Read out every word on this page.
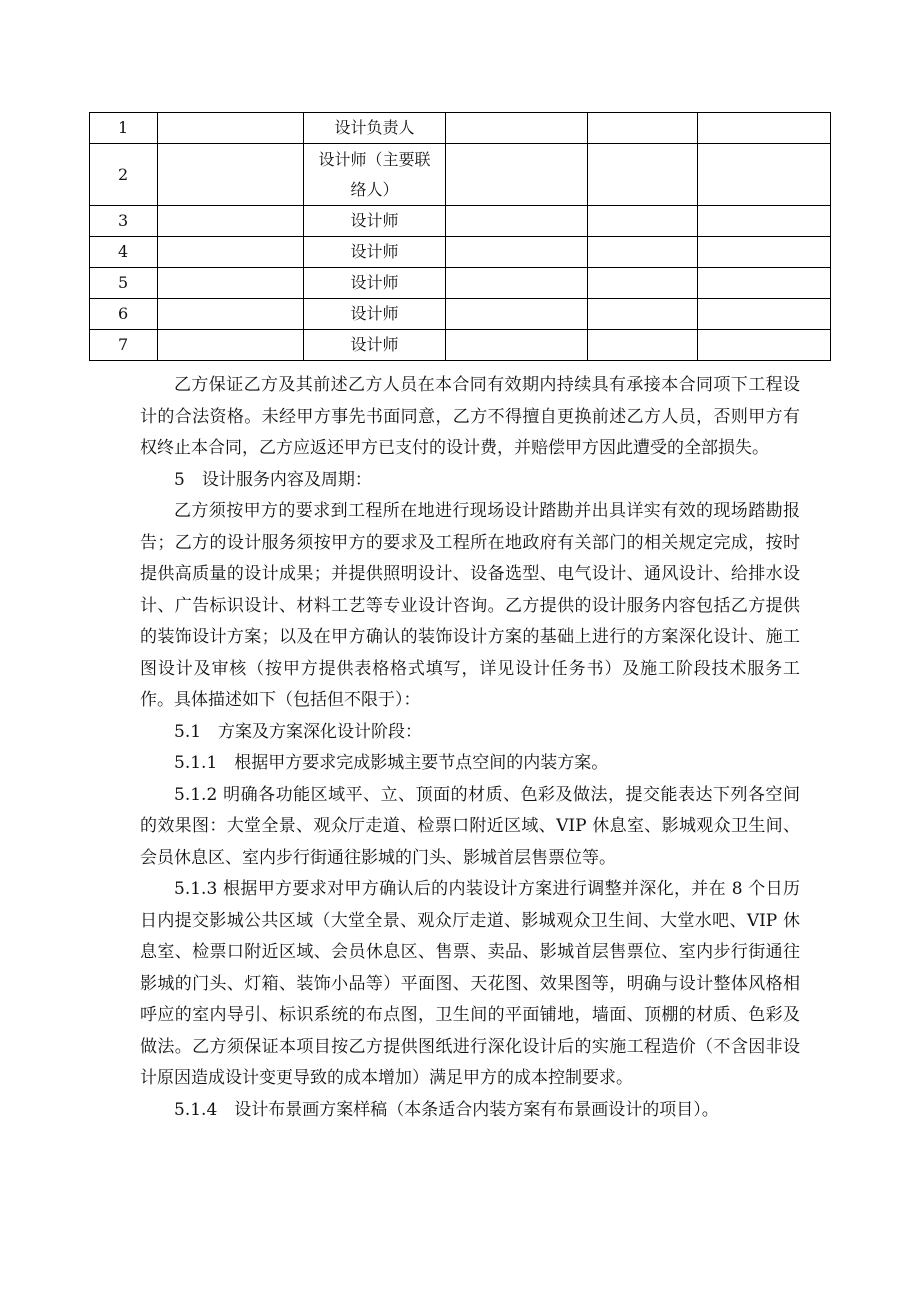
1		设计负责人			
2		设计师（主要联络人）			
3		设计师			
4		设计师			
5		设计师			
6		设计师			
7		设计师			

乙方保证乙方及其前述乙方人员在本合同有效期内持续具有承接本合同项下工程设计的合法资格。未经甲方事先书面同意，乙方不得擅自更换前述乙方人员，否则甲方有权终止本合同，乙方应返还甲方已支付的设计费，并赔偿甲方因此遭受的全部损失。

5　设计服务内容及周期：

乙方须按甲方的要求到工程所在地进行现场设计踏勘并出具详实有效的现场踏勘报告；乙方的设计服务须按甲方的要求及工程所在地政府有关部门的相关规定完成，按时提供高质量的设计成果；并提供照明设计、设备选型、电气设计、通风设计、给排水设计、广告标识设计、材料工艺等专业设计咨询。乙方提供的设计服务内容包括乙方提供的装饰设计方案；以及在甲方确认的装饰设计方案的基础上进行的方案深化设计、施工图设计及审核（按甲方提供表格格式填写，详见设计任务书）及施工阶段技术服务工作。具体描述如下（包括但不限于）：

5.1　方案及方案深化设计阶段：

5.1.1　根据甲方要求完成影城主要节点空间的内装方案。

5.1.2 明确各功能区域平、立、顶面的材质、色彩及做法，提交能表达下列各空间的效果图：大堂全景、观众厅走道、检票口附近区域、VIP 休息室、影城观众卫生间、会员休息区、室内步行街通往影城的门头、影城首层售票位等。

5.1.3 根据甲方要求对甲方确认后的内装设计方案进行调整并深化，并在 8 个日历日内提交影城公共区域（大堂全景、观众厅走道、影城观众卫生间、大堂水吧、VIP 休息室、检票口附近区域、会员休息区、售票、卖品、影城首层售票位、室内步行街通往影城的门头、灯箱、装饰小品等）平面图、天花图、效果图等，明确与设计整体风格相呼应的室内导引、标识系统的布点图，卫生间的平面铺地，墙面、顶棚的材质、色彩及做法。乙方须保证本项目按乙方提供图纸进行深化设计后的实施工程造价（不含因非设计原因造成设计变更导致的成本增加）满足甲方的成本控制要求。

5.1.4　设计布景画方案样稿（本条适合内装方案有布景画设计的项目）。
